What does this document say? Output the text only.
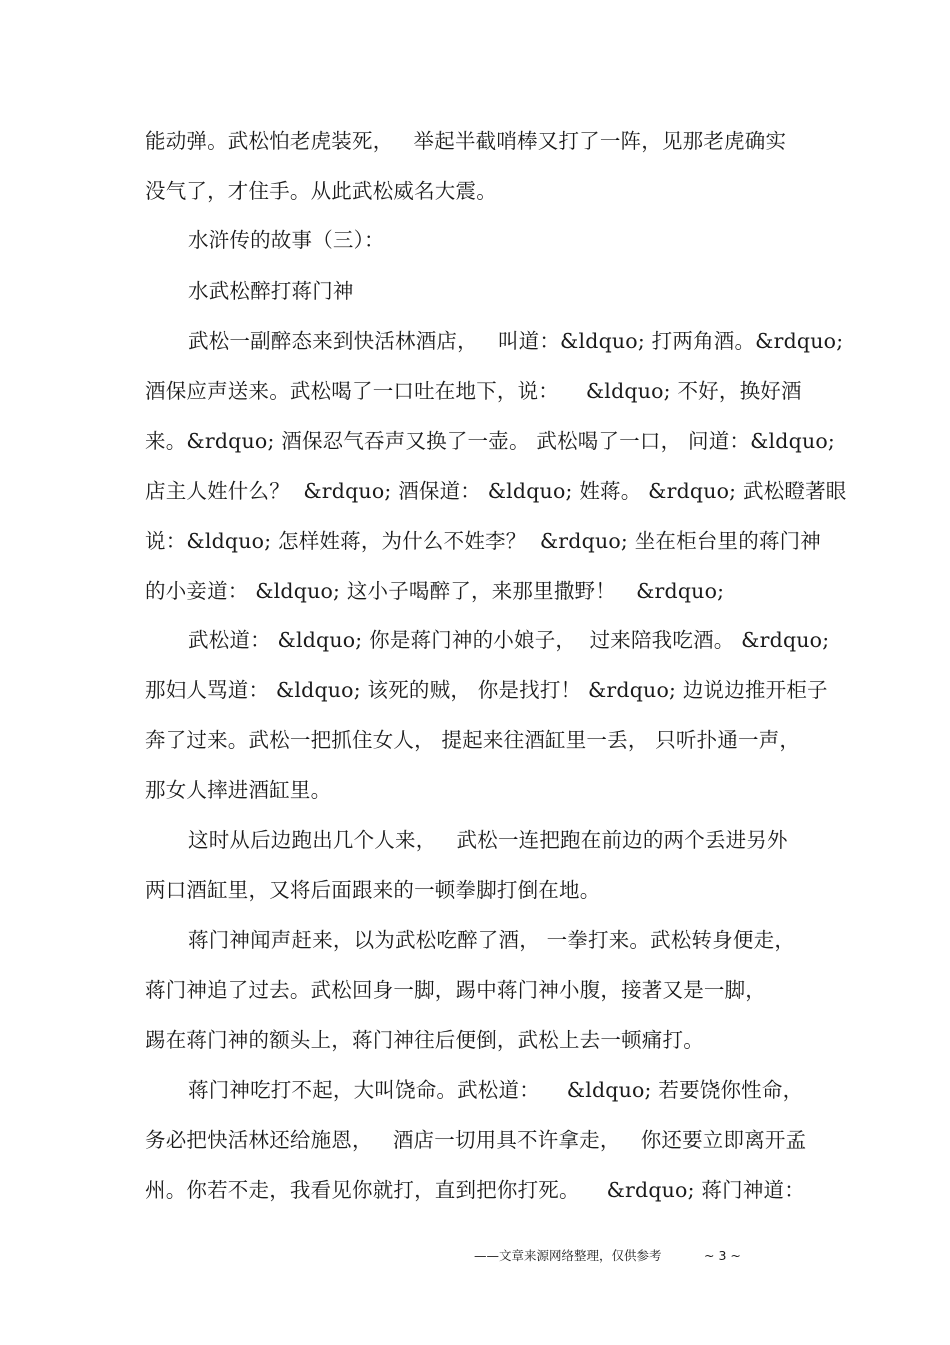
能动弹。武松怕老虎装死，   举起半截哨棒又打了一阵，见那老虎确实
没气了，才住手。从此武松威名大震。
水浒传的故事（三）：
水武松醉打蒋门神
武松一副醉态来到快活林酒店，   叫道：&ldquo; 打两角酒。&rdquo;
酒保应声送来。武松喝了一口吐在地下，说：    &ldquo; 不好，换好酒
来。&rdquo; 酒保忍气吞声又换了一壶。 武松喝了一口， 问道：&ldquo;
店主人姓什么？  &rdquo; 酒保道： &ldquo; 姓蒋。 &rdquo; 武松瞪著眼
说：&ldquo; 怎样姓蒋，为什么不姓李？  &rdquo; 坐在柜台里的蒋门神
的小妾道： &ldquo; 这小子喝醉了，来那里撒野！   &rdquo;
武松道： &ldquo; 你是蒋门神的小娘子，  过来陪我吃酒。 &rdquo;
那妇人骂道： &ldquo; 该死的贼， 你是找打！ &rdquo; 边说边推开柜子
奔了过来。武松一把抓住女人， 提起来往酒缸里一丢， 只听扑通一声，
那女人摔进酒缸里。
这时从后边跑出几个人来，   武松一连把跑在前边的两个丢进另外
两口酒缸里，又将后面跟来的一顿拳脚打倒在地。
蒋门神闻声赶来，以为武松吃醉了酒， 一拳打来。武松转身便走，
蒋门神追了过去。武松回身一脚，踢中蒋门神小腹，接著又是一脚，
踢在蒋门神的额头上，蒋门神往后便倒，武松上去一顿痛打。
蒋门神吃打不起，大叫饶命。武松道：    &ldquo; 若要饶你性命，
务必把快活林还给施恩，   酒店一切用具不许拿走，   你还要立即离开孟
州。你若不走，我看见你就打，直到把你打死。    &rdquo; 蒋门神道：
——文章来源网络整理，仅供参考	~ 3 ~
